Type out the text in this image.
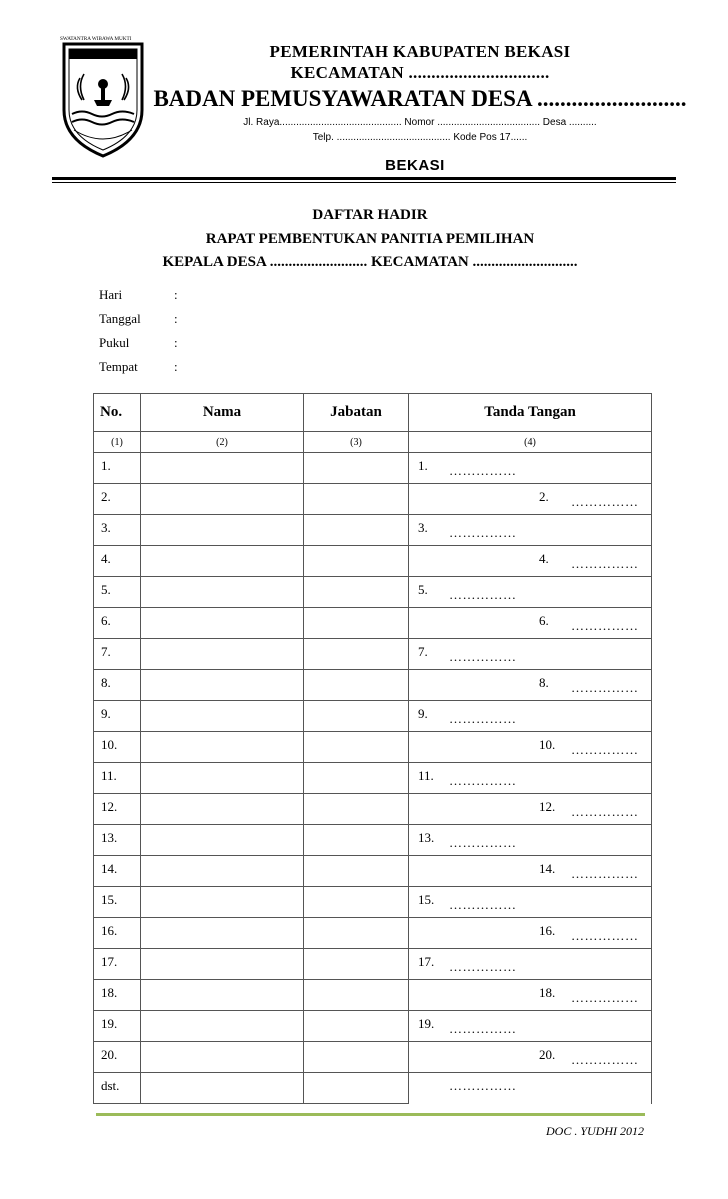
SWATANTRA WIBAWA MUKTI
PEMERINTAH KABUPATEN BEKASI
KECAMATAN ...............................
BADAN PEMUSYAWARATAN DESA ..........................
Jl. Raya............................................ Nomor ..................................... Desa ..........
Telp. ......................................... Kode Pos 17......
BEKASI
DAFTAR HADIR
RAPAT PEMBENTUKAN PANITIA PEMILIHAN
KEPALA DESA .......................... KECAMATAN ............................
Hari	:
Tanggal	:
Pukul	:
Tempat	:
No.	Nama	Jabatan	Tanda Tangan
(1)	(2)	(3)	(4)
1.			1. ……………

2.			2. ……………

3.			3. ……………

4.			4. ……………

5.			5. ……………

6.			6. ……………

7.			7. ……………

8.			8. ……………

9.			9. ……………

10.			10. ……………

11.			11. ……………

12.			12. ……………

13.			13. ……………

14.			14. ……………

15.			15. ……………

16.			16. ……………

17.			17. ……………

18.			18. ……………

19.			19. ……………

20.			20. ……………

dst.			……………
DOC . YUDHI 2012
